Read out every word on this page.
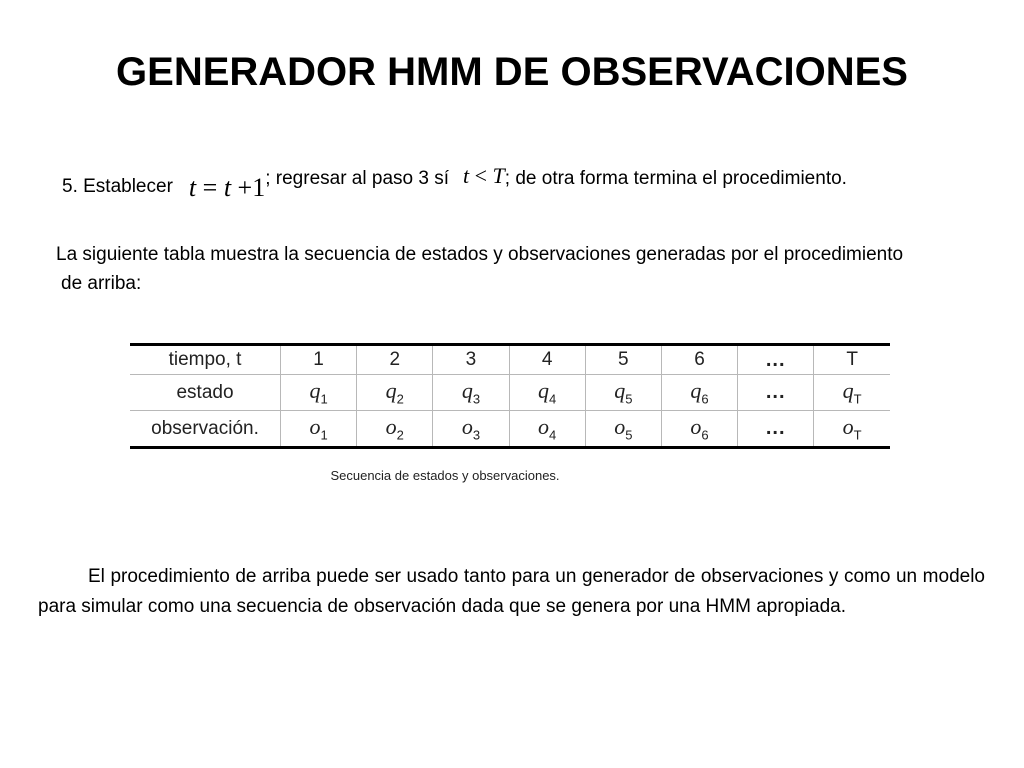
GENERADOR HMM DE OBSERVACIONES
5. Establecer t = t +1 ; regresar al paso 3 sí t < T ; de otra forma termina el procedimiento.
La siguiente tabla muestra la secuencia de estados y observaciones generadas por el procedimiento
de arriba:
tiempo, t	1	2	3	4	5	6	...	T
estado	$q_1$	$q_2$	$q_3$	$q_4$	$q_5$	$q_6$	...	$q_T$
observación.	$o_1$	$o_2$	$o_3$	$o_4$	$o_5$	$o_6$	...	$o_T$
Secuencia de estados y observaciones.
El procedimiento de arriba puede ser usado tanto para un generador de observaciones y como un modelo para simular como una secuencia de observación dada que se genera por una HMM apropiada.
